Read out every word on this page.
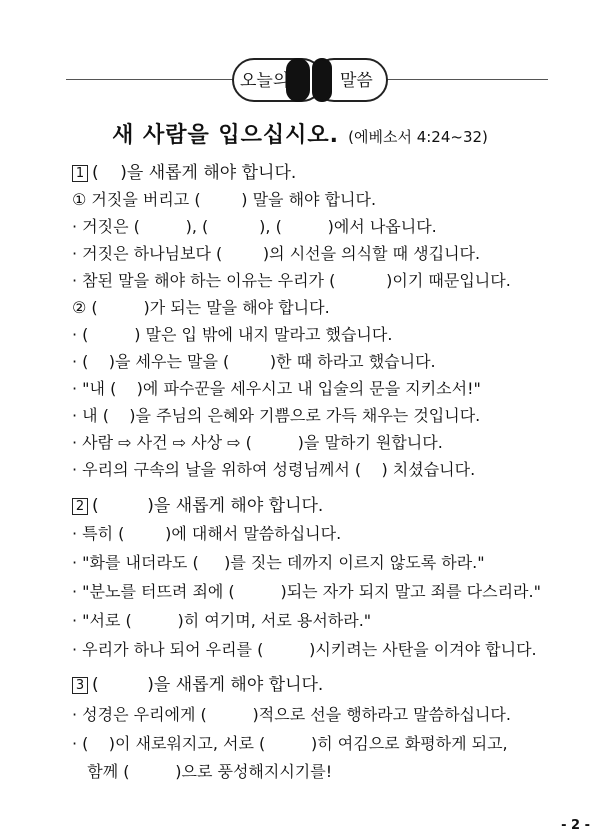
오늘의	말씀
새 사람을 입으십시오. (에베소서 4:24~32)
1 (    )을 새롭게 해야 합니다.
① 거짓을 버리고 (        ) 말을 해야 합니다.
· 거짓은 (         ), (          ), (         )에서 나옵니다.
· 거짓은 하나님보다 (        )의 시선을 의식할 때 생깁니다.
· 참된 말을 해야 하는 이유는 우리가 (          )이기 때문입니다.
② (         )가 되는 말을 해야 합니다.
· (         ) 말은 입 밖에 내지 말라고 했습니다.
· (    )을 세우는 말을 (        )한 때 하라고 했습니다.
· "내 (    )에 파수꾼을 세우시고 내 입술의 문을 지키소서!"
· 내 (    )을 주님의 은혜와 기쁨으로 가득 채우는 것입니다.
· 사람 ⇨ 사건 ⇨ 사상 ⇨ (         )을 말하기 원합니다.
· 우리의 구속의 날을 위하여 성령님께서 (    ) 치셨습니다.
2 (         )을 새롭게 해야 합니다.
· 특히 (        )에 대해서 말씀하십니다.
· "화를 내더라도 (     )를 짓는 데까지 이르지 않도록 하라."
· "분노를 터뜨려 죄에 (         )되는 자가 되지 말고 죄를 다스리라."
· "서로 (         )히 여기며, 서로 용서하라."
· 우리가 하나 되어 우리를 (         )시키려는 사탄을 이겨야 합니다.
3 (         )을 새롭게 해야 합니다.
· 성경은 우리에게 (         )적으로 선을 행하라고 말씀하십니다.
· (    )이 새로워지고, 서로 (         )히 여김으로 화평하게 되고,
함께 (         )으로 풍성해지시기를!
- 2 -
